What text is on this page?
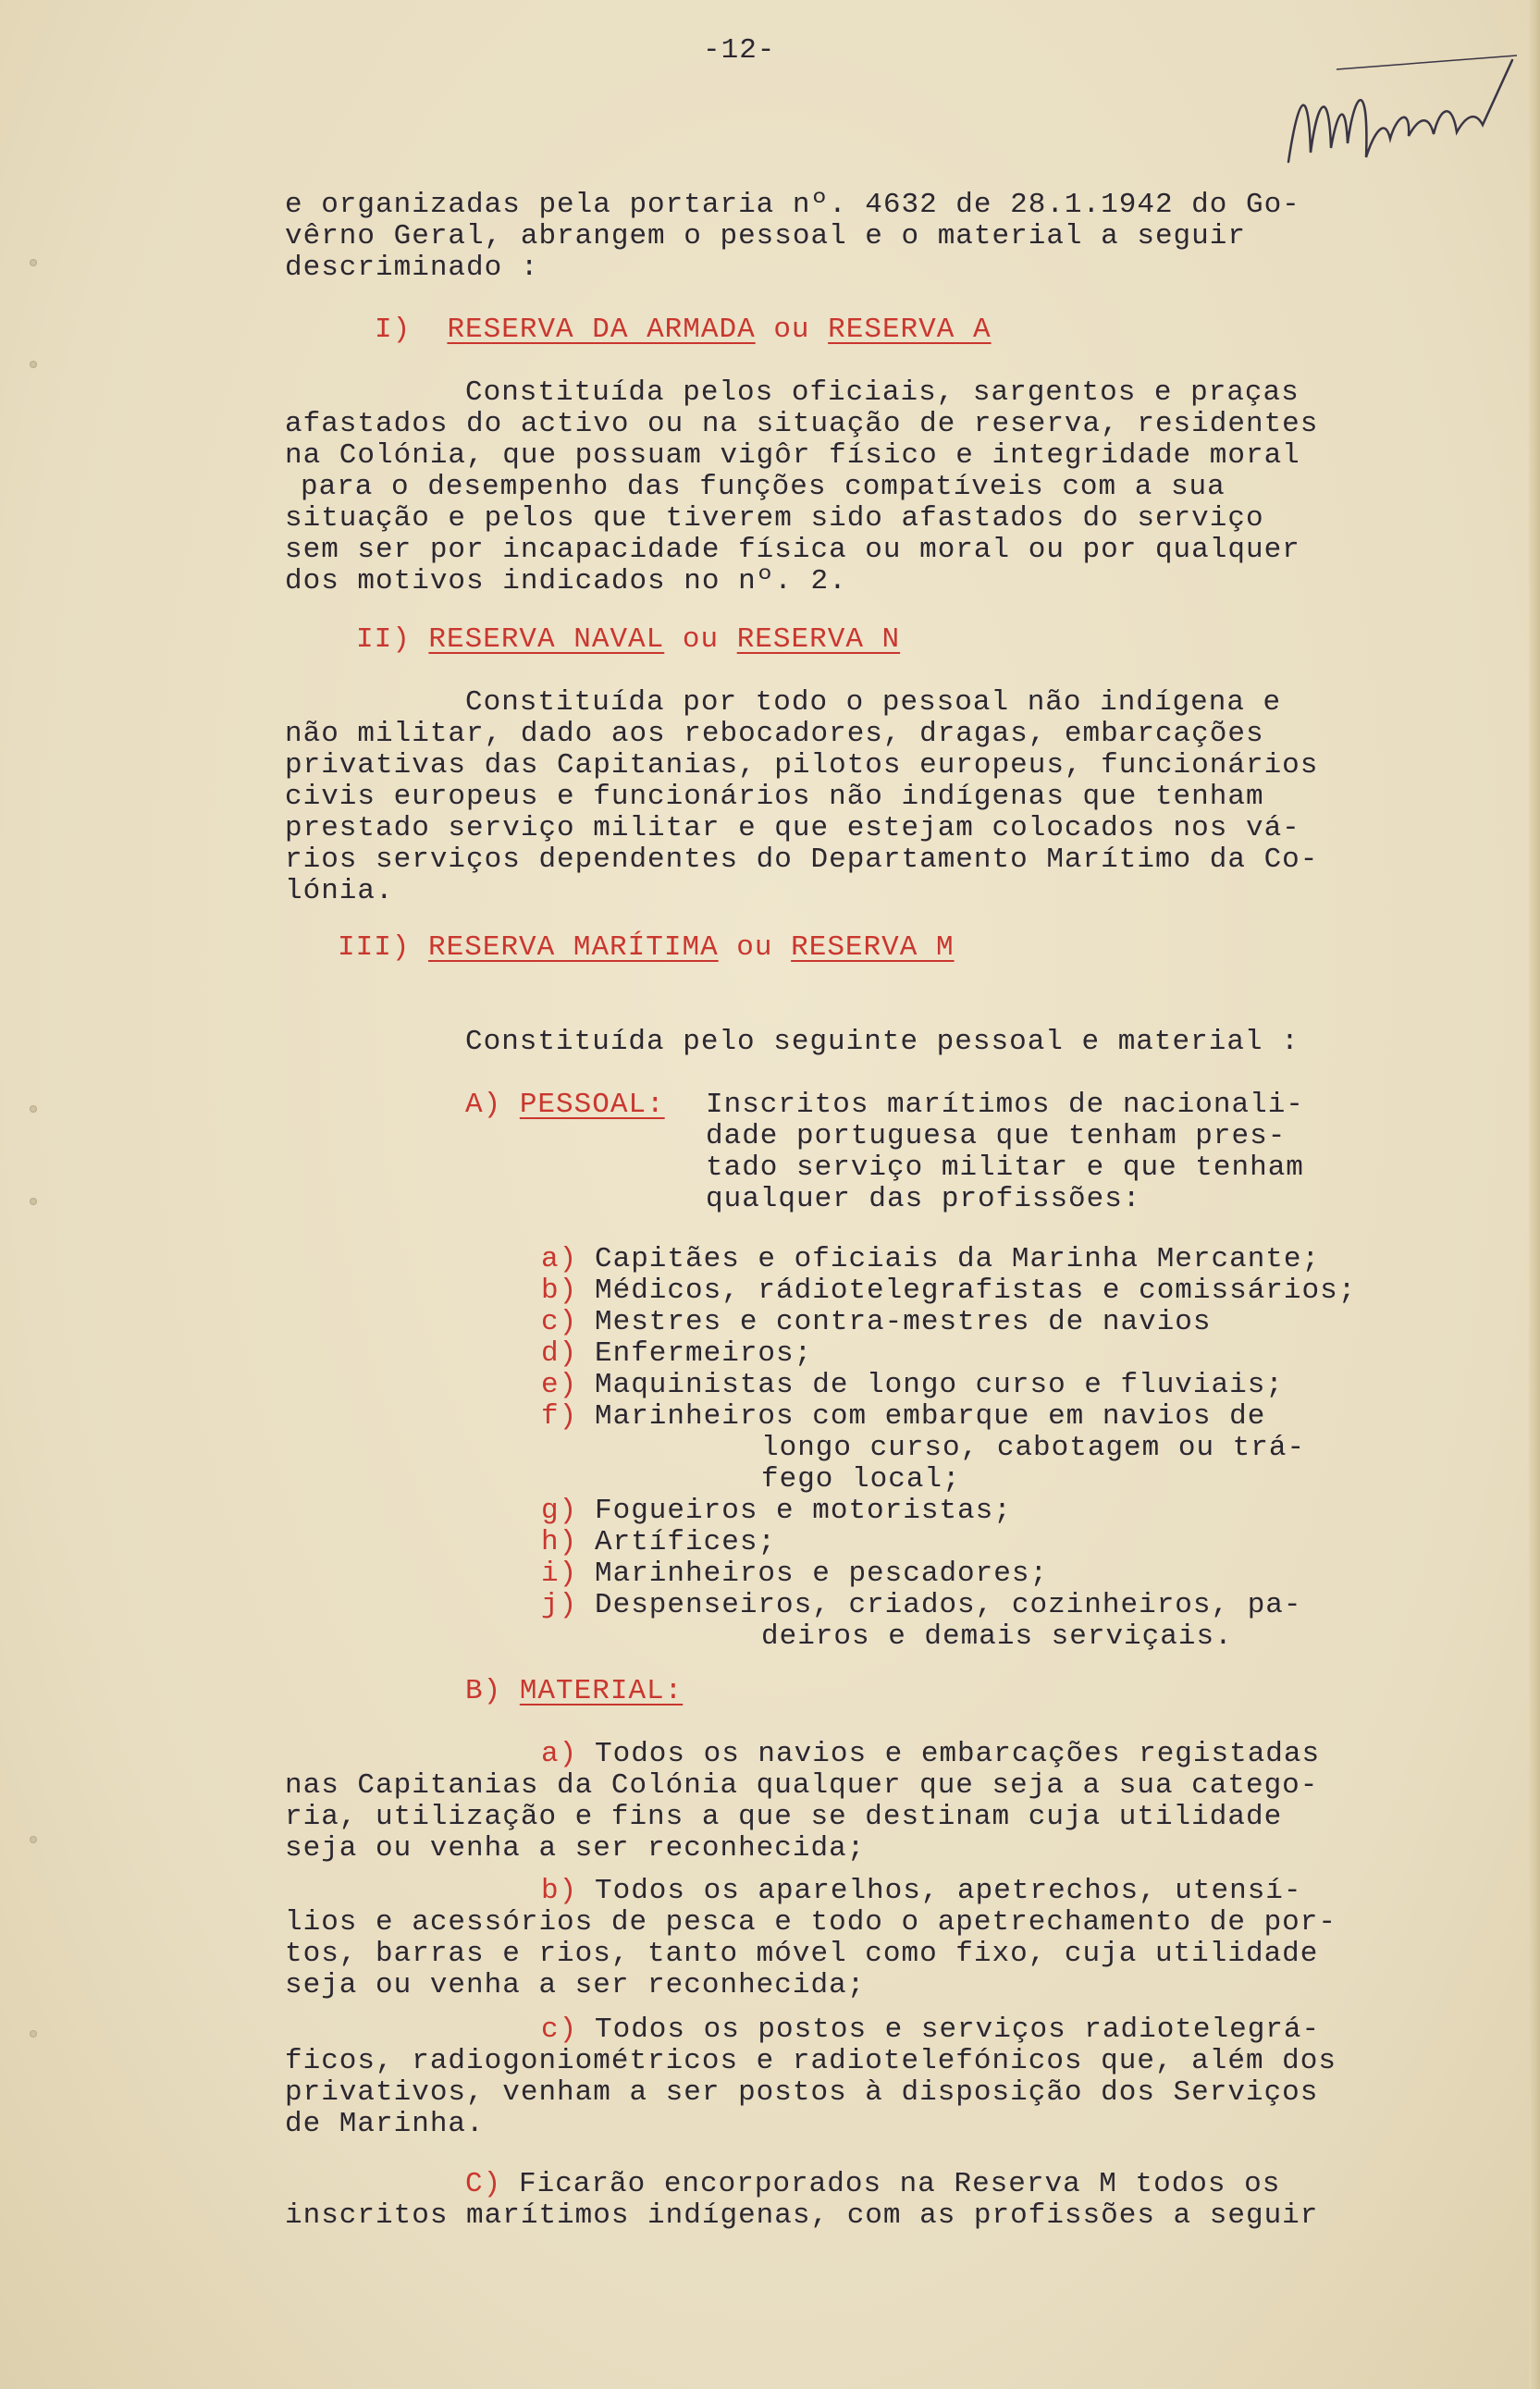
-12-
e organizadas pela portaria nº. 4632 de 28.1.1942 do Go-
vêrno Geral, abrangem o pessoal e o material a seguir
descriminado :
I) RESERVA DA ARMADA ou RESERVA A
Constituída pelos oficiais, sargentos e praças
afastados do activo ou na situação de reserva, residentes
na Colónia, que possuam vigôr físico e integridade moral
para o desempenho das funções compatíveis com a sua
situação e pelos que tiverem sido afastados do serviço
sem ser por incapacidade física ou moral ou por qualquer
dos motivos indicados no nº. 2.
II) RESERVA NAVAL ou RESERVA N
Constituída por todo o pessoal não indígena e
não militar, dado aos rebocadores, dragas, embarcações
privativas das Capitanias, pilotos europeus, funcionários
civis europeus e funcionários não indígenas que tenham
prestado serviço militar e que estejam colocados nos vá-
rios serviços dependentes do Departamento Marítimo da Co-
lónia.
III) RESERVA MARÍTIMA ou RESERVA M
Constituída pelo seguinte pessoal e material :
A) PESSOAL: Inscritos marítimos de nacionali-
dade portuguesa que tenham pres-
tado serviço militar e que tenham
qualquer das profissões:
a) Capitães e oficiais da Marinha Mercante;
b) Médicos, rádiotelegrafistas e comissários;
c) Mestres e contra-mestres de navios
d) Enfermeiros;
e) Maquinistas de longo curso e fluviais;
f) Marinheiros com embarque em navios de
longo curso, cabotagem ou trá-
fego local;
g) Fogueiros e motoristas;
h) Artífices;
i) Marinheiros e pescadores;
j) Despenseiros, criados, cozinheiros, pa-
deiros e demais serviçais.
B) MATERIAL:
a) Todos os navios e embarcações registadas
nas Capitanias da Colónia qualquer que seja a sua catego-
ria, utilização e fins a que se destinam cuja utilidade
seja ou venha a ser reconhecida;
b) Todos os aparelhos, apetrechos, utensí-
lios e acessórios de pesca e todo o apetrechamento de por-
tos, barras e rios, tanto móvel como fixo, cuja utilidade
seja ou venha a ser reconhecida;
c) Todos os postos e serviços radiotelegrá-
ficos, radiogoniométricos e radiotelefónicos que, além dos
privativos, venham a ser postos à disposição dos Serviços
de Marinha.
C) Ficarão encorporados na Reserva M todos os
inscritos marítimos indígenas, com as profissões a seguir
